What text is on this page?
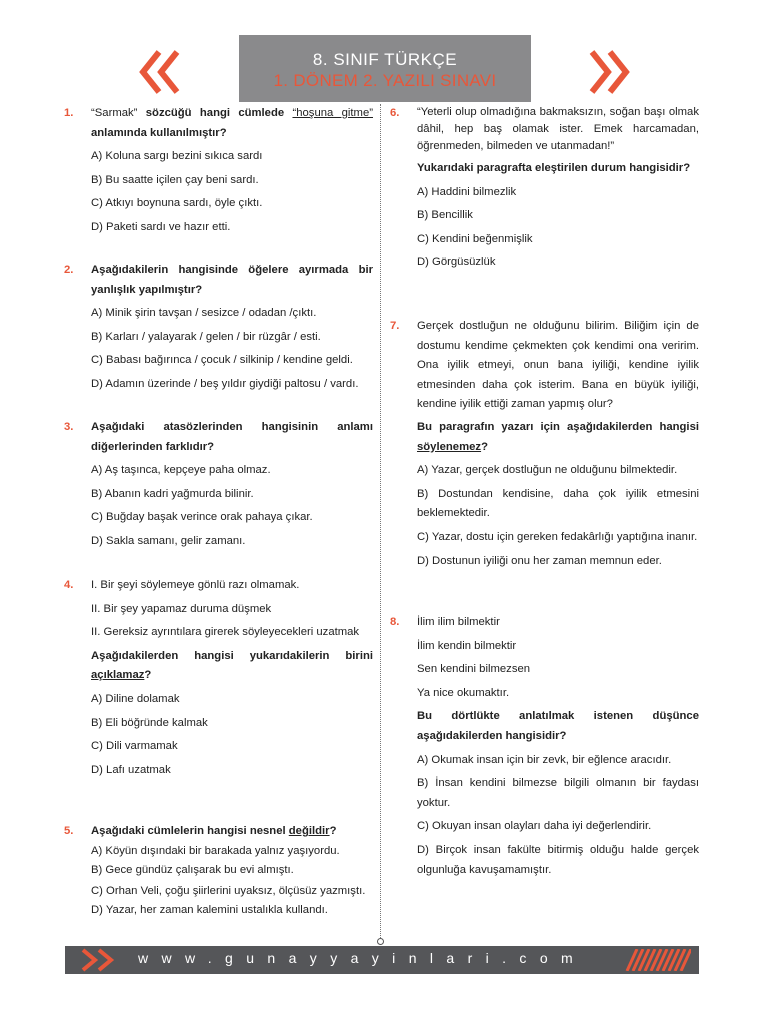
8. SINIF TÜRKÇE
1. DÖNEM 2. YAZILI SINAVI
1. “Sarmak” sözcüğü hangi cümlede “hoşuna gitme” anlamında kullanılmıştır?

A) Koluna sargı bezini sıkıca sardı

B) Bu saatte içilen çay beni sardı.

C) Atkıyı boynuna sardı, öyle çıktı.

D) Paketi sardı ve hazır etti.

2. Aşağıdakilerin hangisinde öğelere ayırmada bir yanlışlık yapılmıştır?

A) Minik şirin tavşan / sesizce / odadan /çıktı.

B) Karları / yalayarak / gelen / bir rüzgâr / esti.

C) Babası bağırınca / çocuk / silkinip / kendine geldi.

D) Adamın üzerinde / beş yıldır giydiği paltosu / vardı.

3. Aşağıdaki atasözlerinden hangisinin anlamı diğerlerinden farklıdır?

A) Aş taşınca, kepçeye paha olmaz.

B) Abanın kadri yağmurda bilinir.

C) Buğday başak verince orak pahaya çıkar.

D) Sakla samanı, gelir zamanı.

4. I. Bir şeyi söylemeye gönlü razı olmamak.

II. Bir şey yapamaz duruma düşmek

II. Gereksiz ayrıntılara girerek söyleyecekleri uzatmak

Aşağıdakilerden hangisi yukarıdakilerin birini açıklamaz?

A) Diline dolamak

B) Eli böğründe kalmak

C) Dili varmamak

D) Lafı uzatmak

5. Aşağıdaki cümlelerin hangisi nesnel değildir?

A) Köyün dışındaki bir barakada yalnız yaşıyordu.

B) Gece gündüz çalışarak bu evi almıştı.

C) Orhan Veli, çoğu şiirlerini uyaksız, ölçüsüz yazmıştı.

D) Yazar, her zaman kalemini ustalıkla kullandı.

6. “Yeterli olup olmadığına bakmaksızın, soğan başı olmak dâhil, hep baş olamak ister. Emek harcamadan, öğrenmeden, bilmeden ve utanmadan!”

Yukarıdaki paragrafta eleştirilen durum hangisidir?

A) Haddini bilmezlik

B) Bencillik

C) Kendini beğenmişlik

D) Görgüsüzlük

7. Gerçek dostluğun ne olduğunu bilirim. Biliğim için de dostumu kendime çekmekten çok kendimi ona veririm. Ona iyilik etmeyi, onun bana iyiliği, kendine iyilik etmesinden daha çok isterim. Bana en büyük iyiliği, kendine iyilik ettiği zaman yapmış olur?

Bu paragrafın yazarı için aşağıdakilerden hangisi söylenemez?

A) Yazar, gerçek dostluğun ne olduğunu bilmektedir.

B) Dostundan kendisine, daha çok iyilik etmesini beklemektedir.

C) Yazar, dostu için gereken fedakârlığı yaptığına inanır.

D) Dostunun iyiliği onu her zaman memnun eder.

8. İlim ilim bilmektir

İlim kendin bilmektir

Sen kendini bilmezsen

Ya nice okumaktır.

Bu dörtlükte anlatılmak istenen düşünce aşağıdakilerden hangisidir?

A) Okumak insan için bir zevk, bir eğlence aracıdır.

B) İnsan kendini bilmezse bilgili olmanın bir faydası yoktur.

C) Okuyan insan olayları daha iyi değerlendirir.

D) Birçok insan fakülte bitirmiş olduğu halde gerçek olgunluğa kavuşamamıştır.

www.gunayyayinlari.com
